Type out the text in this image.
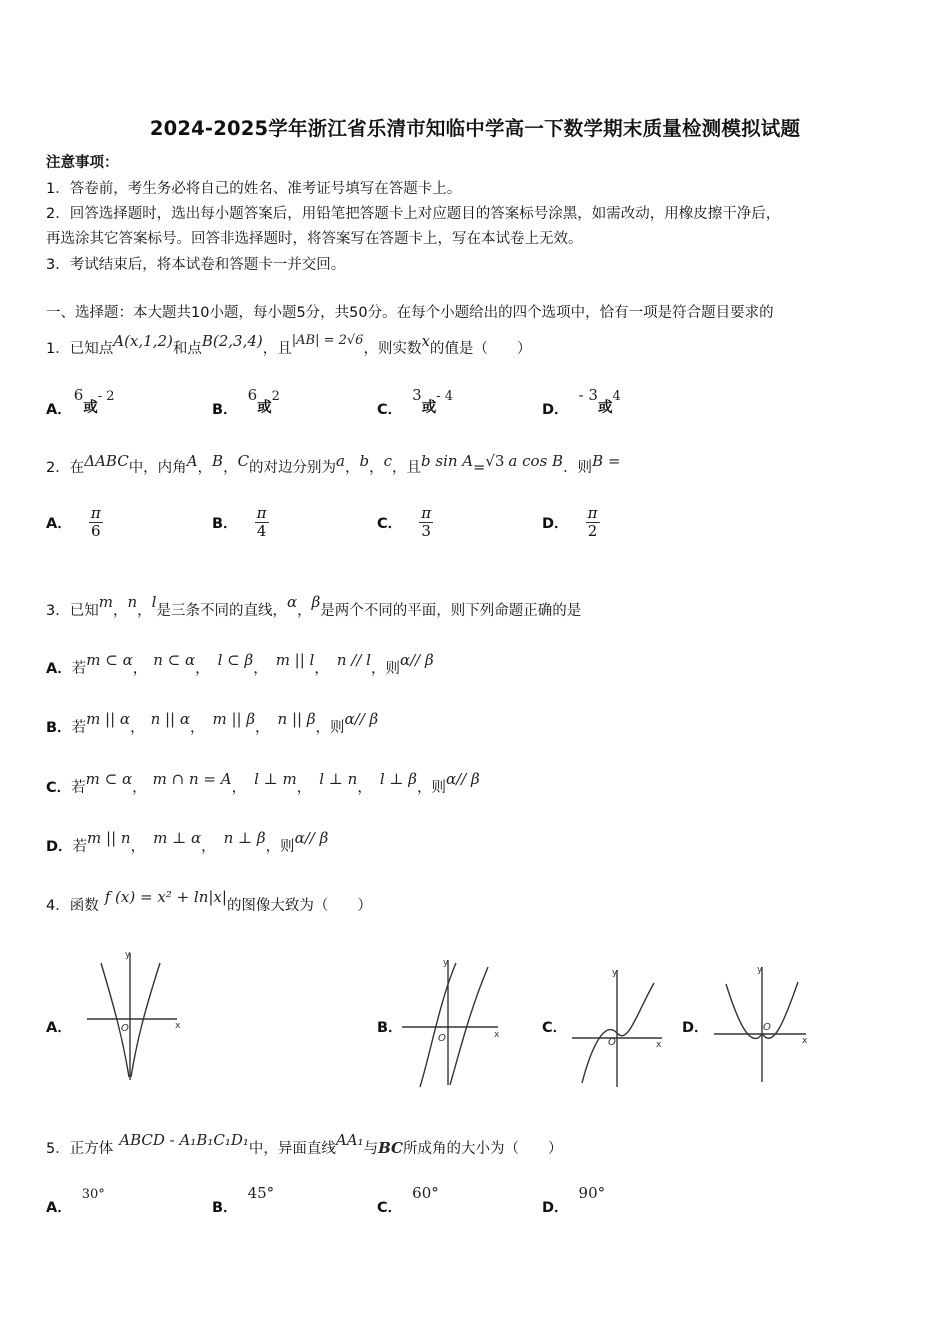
2024-2025学年浙江省乐清市知临中学高一下数学期末质量检测模拟试题
注意事项：
1．答卷前，考生务必将自己的姓名、准考证号填写在答题卡上。
2．回答选择题时，选出每小题答案后，用铅笔把答题卡上对应题目的答案标号涂黑，如需改动，用橡皮擦干净后，
再选涂其它答案标号。回答非选择题时，将答案写在答题卡上，写在本试卷上无效。
3．考试结束后，将本试卷和答题卡一并交回。
一、选择题：本大题共10小题，每小题5分，共50分。在每个小题给出的四个选项中，恰有一项是符合题目要求的
1．已知点A(x,1,2)和点B(2,3,4)，且|AB| = 2√6，则实数x的值是（　　）
A．6或- 2
B．6或2
C．3或- 4
D．- 3或4
2．在ΔABC中，内角A，B，C的对边分别为a，b，c，且b sin A=√3 a cos B．则B =
A． $\frac{\pi}{6}$	B． $\frac{\pi}{4}$	C． $\frac{\pi}{3}$	D． $\frac{\pi}{2}$
3．已知m，n，l是三条不同的直线，α，β是两个不同的平面，则下列命题正确的是
A．若m ⊂ α， n ⊂ α， l ⊂ β， m || l， n // l，则α// β
B．若m || α， n || α， m || β， n || β，则α// β
C．若m ⊂ α， m ∩ n = A， l ⊥ m， l ⊥ n， l ⊥ β，则α// β
D．若m || n， m ⊥ α， n ⊥ β，则α// β
4．函数 f (x) = x² + ln|x|的图像大致为（　　）
A．	B．	C．	D．
y
x
O
y
x
O
y
x
O
y
x
O
5．正方体 ABCD - A₁B₁C₁D₁中，异面直线AA₁与BC所成角的大小为（　　）
A．30°
B．45°
C．60°
D．90°
